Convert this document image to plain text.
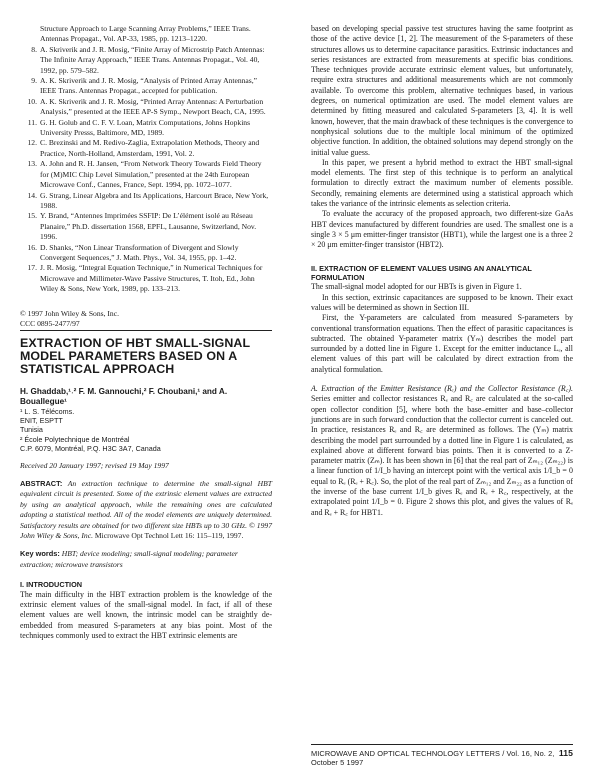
Structure Approach to Large Scanning Array Problems,” IEEE Trans. Antennas Propagat., Vol. AP-33, 1985, pp. 1213–1220.

8. A. Skriverik and J. R. Mosig, “Finite Array of Microstrip Patch Antennas: The Infinite Array Approach,” IEEE Trans. Antennas Propagat., Vol. 40, 1992, pp. 579–582.

9. A. K. Skriverik and J. R. Mosig, “Analysis of Printed Array Antennas,” IEEE Trans. Antennas Propagat., accepted for publication.

10. A. K. Skriverik and J. R. Mosig, “Printed Array Antennas: A Perturbation Analysis,” presented at the IEEE AP-S Symp., Newport Beach, CA, 1995.

11. G. H. Golub and C. F. V. Loan, Matrix Computations, Johns Hopkins University Presss, Baltimore, MD, 1989.

12. C. Brezinski and M. Redivo-Zaglia, Extrapolation Methods, Theory and Practice, North-Holland, Amsterdam, 1991, Vol. 2.

13. A. John and R. H. Jansen, “From Network Theory Towards Field Theory for (M)MIC Chip Level Simulation,” presented at the 24th European Microwave Conf., Cannes, France, Sept. 1994, pp. 1072–1077.

14. G. Strang, Linear Algebra and Its Applications, Harcourt Brace, New York, 1988.

15. Y. Brand, “Antennes Imprimées SSFIP: De L’élément isolé au Réseau Planaire,” Ph.D. dissertation 1568, EPFL, Lausanne, Switzerland, Nov. 1996.

16. D. Shanks, “Non Linear Transformation of Divergent and Slowly Convergent Sequences,” J. Math. Phys., Vol. 34, 1955, pp. 1–42.

17. J. R. Mosig, “Integral Equation Technique,” in Numerical Techniques for Microwave and Millimeter-Wave Passive Structures, T. Itoh, Ed., John Wiley & Sons, New York, 1989, pp. 133–213.

© 1997 John Wiley & Sons, Inc.
CCC 0895-2477/97
EXTRACTION OF HBT SMALL-SIGNAL MODEL PARAMETERS BASED ON A STATISTICAL APPROACH
H. Ghaddab,¹˒² F. M. Gannouchi,² F. Choubani,¹ and A. Bouallegue¹
¹ L. S. Télécoms.
ENIT, ESPTT
Tunisia
² École Polytechnique de Montréal
C.P. 6079, Montréal, P.Q. H3C 3A7, Canada
Received 20 January 1997; revised 19 May 1997
ABSTRACT: An extraction technique to determine the small-signal HBT equivalent circuit is presented. Some of the extrinsic element values are extracted by using an analytical approach, while the remaining ones are calculated adopting a statistical method. All of the model elements are uniquely determined. Satisfactory results are obtained for two different size HBTs up to 30 GHz. © 1997 John Wiley & Sons, Inc. Microwave Opt Technol Lett 16: 115–119, 1997.
Key words: HBT; device modeling; small-signal modeling; parameter extraction; microwave transistors
I. INTRODUCTION

The main difficulty in the HBT extraction problem is the knowledge of the extrinsic element values of the small-signal model. In fact, if all of these element values are well known, the intrinsic model can be straightly de-embedded from measured S-parameters at any bias point. Most of the techniques commonly used to extract the HBT extrinsic elements are

based on developing special passive test structures having the same footprint as those of the active device [1, 2]. The measurement of the S-parameters of these structures allows us to determine capacitance parasitics. Extrinsic inductances and series resistances are extracted from measurements at specific bias conditions. These techniques provide accurate extrinsic element values, but unfortunately, require extra structures and additional measurements which are not commonly available. To overcome this problem, alternative techniques based, in various degrees, on numerical optimization are used. The model element values are determined by fitting measured and calculated S-parameters [3, 4]. It is well known, however, that the main drawback of these techniques is the convergence to nonphysical solutions due to the multiple local minimum of the optimized objective function. In addition, the obtained solutions may depend strongly on the initial value guess.

In this paper, we present a hybrid method to extract the HBT small-signal model elements. The first step of this technique is to perform an analytical formulation to directly extract the maximum number of elements possible. Secondly, remaining elements are determined using a statistical approach which takes the variance of the intrinsic elements as selection criteria.

To evaluate the accuracy of the proposed approach, two different-size GaAs HBT devices manufactured by different foundries are used. The smallest one is a single 3 × 5 μm emitter-finger transistor (HBT1), while the largest one is a three 2 × 20 μm emitter-finger transistor (HBT2).

II. EXTRACTION OF ELEMENT VALUES USING AN ANALYTICAL FORMULATION

The small-signal model adopted for our HBTs is given in Figure 1.

In this section, extrinsic capacitances are supposed to be known. Their exact values will be determined as shown in Section III.

First, the Y-parameters are calculated from measured S-parameters by conventional transformation equations. Then the effect of parasitic capacitances is subtracted. The obtained Y-parameter matrix (Yₘ) describes the model part surrounded by a dotted line in Figure 1. Except for the emitter inductance Lₑ, all element values of this part will be calculated by direct extraction from the analytical formulation.

A. Extraction of the Emitter Resistance (Rₑ) and the Collector Resistance (R꜀). Series emitter and collector resistances Rₑ and R꜀ are calculated at the so-called open collector condition [5], where both the base–emitter and base–collector junctions are in such forward conduction that the collector current is canceled out. In practice, resistances Rₑ and R꜀ are determined as follows. The (Yₘ) matrix describing the model part surrounded by a dotted line in Figure 1 is calculated, as explained above at different forward bias points. Then it is converted to a Z-parameter matrix (Zₘ). It has been shown in [6] that the real part of Zₘ₁₂ (Zₘ₂₂) is a linear function of 1/I_b having an intercept point with the vertical axis 1/I_b = 0 equal to Rₑ (Rₑ + R꜀). So, the plot of the real part of Zₘ₁₂ and Zₘ₂₂ as a function of the inverse of the base current 1/I_b gives Rₑ and Rₑ + R꜀, respectively, at the extrapolated point 1/I_b = 0. Figure 2 shows this plot, and gives the values of Rₑ and Rₑ + R꜀ for HBT1.

MICROWAVE AND OPTICAL TECHNOLOGY LETTERS / Vol. 16, No. 2, October 5 1997
115
